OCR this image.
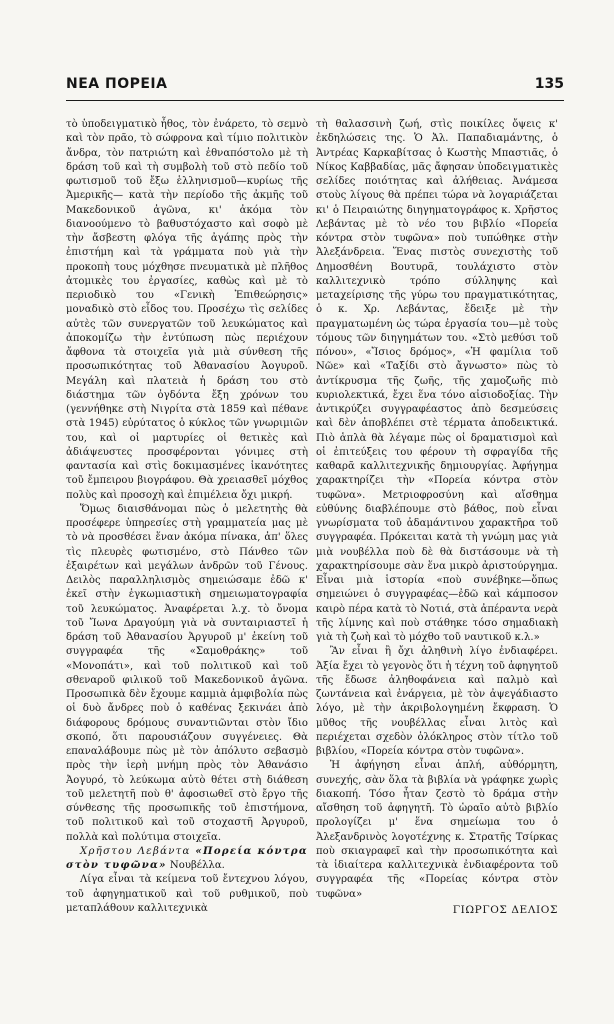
ΝΕΑ ΠΟΡΕΙΑ	135

τὸ ὑποδειγματικὸ ἦθος, τὸν ἐνάρετο, τὸ σεμνὸ καὶ τὸν πρᾶο, τὸ σώφρονα καὶ τίμιο πολιτικὸν ἄνδρα, τὸν πατριώτη καὶ ἐθναπόστολο μὲ τὴ δράση τοῦ καὶ τὴ συμβολὴ τοῦ στὸ πεδίο τοῦ φωτισμοῦ τοῦ ἔξω ἑλληνισμοῦ—κυρίως τῆς Ἀμερικῆς— κατὰ τὴν περίοδο τῆς ἀκμῆς τοῦ Μακεδονικοῦ ἀγῶνα, κι' ἀκόμα τὸν διανοούμενο τὸ βαθυστόχαστο καὶ σοφὸ μὲ τὴν ἄσβεστη φλόγα τῆς ἀγάπης πρὸς τὴν ἐπιστήμη καὶ τὰ γράμματα ποὺ γιὰ τὴν προκοπὴ τους μόχθησε πνευματικὰ μὲ πλῆθος ἀτομικὲς του ἐργασίες, καθὼς καὶ μὲ τὸ περιοδικὸ του «Γενικὴ Ἐπιθεώρησις» μοναδικὸ στὸ εἶδος του. Προσέχω τὶς σελίδες αὐτὲς τῶν συνεργατῶν τοῦ λευκώματος καὶ ἀποκομίζω τὴν ἐντύπωση πὼς περιέχουν ἄφθονα τὰ στοιχεῖα γιὰ μιὰ σύνθεση τῆς προσωπικότητας τοῦ Ἀθανασίου Ἀογυροῦ. Μεγάλη καὶ πλατειὰ ἡ δράση του στὸ διάστημα τῶν ὀγδόντα ἔξη χρόνων του (γεννήθηκε στὴ Νιγρίτα στὰ 1859 καὶ πέθανε στὰ 1945) εὐρύτατος ὁ κύκλος τῶν γνωριμιῶν του, καὶ οἱ μαρτυρίες οἱ θετικὲς καὶ ἀδιάψευστες προσφέρονται γόνιμες στὴ φαντασία καὶ στὶς δοκιμασμένες ἱκανότητες τοῦ ἔμπειρου βιογράφου. Θὰ χρειασθεῖ μόχθος πολὺς καὶ προσοχὴ καὶ ἐπιμέλεια ὄχι μικρή.

Ὅμως διαισθάνομαι πὼς ὁ μελετητὴς θὰ προσέφερε ὑπηρεσίες στὴ γραμματεία μας μὲ τὸ νὰ προσθέσει ἕναν ἀκόμα πίνακα, ἀπ' ὅλες τὶς πλευρὲς φωτισμένο, στὸ Πάνθεο τῶν ἐξαιρέτων καὶ μεγάλων ἀνδρῶν τοῦ Γένους. Δειλὸς παραλληλισμὸς σημειώσαμε ἐδῶ κ' ἐκεῖ στὴν ἐγκωμιαστικὴ σημειωματογραφία τοῦ λευκώματος. Ἀναφέρεται λ.χ. τὸ ὄνομα τοῦ Ἴωνα Δραγούμη γιὰ νὰ συνταιριαστεῖ ἡ δράση τοῦ Ἀθανασίου Ἀργυροῦ μ' ἐκείνη τοῦ συγγραφέα τῆς «Σαμοθράκης» τοῦ «Μονοπάτι», καὶ τοῦ πολιτικοῦ καὶ τοῦ σθεναροῦ φιλικοῦ τοῦ Μακεδονικοῦ ἀγῶνα. Προσωπικὰ δὲν ἔχουμε καμμιὰ ἀμφιβολία πὼς οἱ δυὸ ἄνδρες ποὺ ὁ καθένας ξεκινάει ἀπὸ διάφορους δρόμους συναντιῶνται στὸν ἴδιο σκοπό, ὅτι παρουσιάζουν συγγένειες. Θὰ επαναλάβουμε πὼς μὲ τὸν ἀπόλυτο σεβασμὸ πρὸς τὴν ἱερὴ μνήμη πρὸς τὸν Ἀθανάσιο Ἀογυρό, τὸ λεύκωμα αὐτὸ θέτει στὴ διάθεση τοῦ μελετητῆ ποὺ θ' ἀφοσιωθεῖ στὸ ἔργο τῆς σύνθεσης τῆς προσωπικῆς τοῦ ἐπιστήμονα, τοῦ πολιτικοῦ καὶ τοῦ στοχαστῆ Ἀργυροῦ, πολλὰ καὶ πολύτιμα στοιχεῖα.

Χρῆστου Λεβάντα «Πορεία κόντρα στὸν τυφῶνα» Νουβέλλα.

Λίγα εἶναι τὰ κείμενα τοῦ ἔντεχνου λόγου, τοῦ ἀφηγηματικοῦ καὶ τοῦ ρυθμικοῦ, ποὺ μεταπλάθουν καλλιτεχνικὰ

τὴ θαλασσινὴ ζωή, στὶς ποικίλες ὄψεις κ' ἐκδηλώσεις της. Ὁ Ἀλ. Παπαδιαμάντης, ὁ Ἀντρέας Καρκαβίτσας ὁ Κωστὴς Μπαστιᾶς, ὁ Νίκος Καββαδίας, μᾶς ἄφησαν ὑποδειγματικὲς σελίδες ποιότητας καὶ ἀλήθειας. Ἀνάμεσα στοὺς λίγους θὰ πρέπει τώρα νὰ λογαριάζεται κι' ὁ Πειραιώτης διηγηματογράφος κ. Χρῆστος Λεβάντας μὲ τὸ νέο του βιβλίο «Πορεία κόντρα στὸν τυφῶνα» ποὺ τυπώθηκε στὴν Ἀλεξάνδρεια. Ἕνας πιστὸς συνεχιστὴς τοῦ Δημοσθένη Βουτυρᾶ, τουλάχιστο στὸν καλλιτεχνικὸ τρόπο σύλληψης καὶ μεταχείρισης τῆς γύρω του πραγματικότητας, ὁ κ. Χρ. Λεβάντας, ἔδειξε μὲ τὴν πραγματωμένη ὡς τώρα ἐργασία του—μὲ τοὺς τόμους τῶν διηγημάτων του. «Στὸ μεθύσι τοῦ πόνου», «Ἴσιος δρόμος», «Ἡ φαμίλια τοῦ Νῶε» καὶ «Ταξίδι στὸ ἄγνωστο» πὼς τὸ ἀντίκρυσμα τῆς ζωῆς, τῆς χαμοζωῆς πιὸ κυριολεκτικά, ἔχει ἕνα τόνο αἰσιοδοξίας. Τὴν ἀντικρύζει συγγραφέαστος ἀπὸ δεσμεύσεις καὶ δὲν ἀποβλέπει στὲ τέρματα ἀποδεικτικά. Πιὸ ἁπλὰ θὰ λέγαμε πὼς οἱ δραματισμοὶ καὶ οἱ ἐπιτεύξεις του φέρουν τὴ σφραγίδα τῆς καθαρᾶ καλλιτεχνικῆς δημιουργίας. Ἀφήγημα χαρακτηρίζει τὴν «Πορεία κόντρα στὸν τυφῶνα». Μετριοφροσύνη καὶ αἴσθημα εὐθύνης διαβλέπουμε στὸ βάθος, ποὺ εἶναι γνωρίσματα τοῦ ἀδαμάντινου χαρακτῆρα τοῦ συγγραφέα. Πρόκειται κατὰ τὴ γνώμη μας γιὰ μιὰ νουβέλλα ποὺ δὲ θὰ διστάσουμε νὰ τὴ χαρακτηρίσουμε σὰν ἕνα μικρὸ ἀριστούργημα. Εἶναι μιὰ ἱστορία «ποὺ συνέβηκε—ὅπως σημειώνει ὁ συγγραφέας—ἐδῶ καὶ κάμποσον καιρὸ πέρα κατὰ τὸ Νοτιά, στὰ ἀπέραντα νερὰ τῆς λίμνης καὶ ποὺ στάθηκε τόσο σημαδιακὴ γιὰ τὴ ζωὴ καὶ τὸ μόχθο τοῦ ναυτικοῦ κ.λ.»

Ἂν εἶναι ἢ ὄχι ἀληθινὴ λίγο ἐνδιαφέρει. Ἀξία ἔχει τὸ γεγονὸς ὅτι ἡ τέχνη τοῦ ἀφηγητοῦ τῆς ἔδωσε ἀληθοφάνεια καὶ παλμὸ καὶ ζωντάνεια καὶ ἐνάργεια, μὲ τὸν ἀψεγάδιαστο λόγο, μὲ τὴν ἀκριβολογημένη ἔκφραση. Ὁ μῦθος τῆς νουβέλλας εἶναι λιτὸς καὶ περιέχεται σχεδὸν ὁλόκληρος στὸν τίτλο τοῦ βιβλίου, «Πορεία κόντρα στὸν τυφῶνα».

Ἡ ἀφήγηση εἶναι ἁπλή, αὐθόρμητη, συνεχής, σὰν ὅλα τὰ βιβλία νὰ γράφηκε χωρὶς διακοπή. Τόσο ἦταν ζεστὸ τὸ δράμα στὴν αἴσθηση τοῦ ἀφηγητῆ. Τὸ ὡραῖο αὐτὸ βιβλίο προλογίζει μ' ἕνα σημείωμα του ὁ Ἀλεξανδρινὸς λογοτέχνης κ. Στρατῆς Τσίρκας ποὺ σκιαγραφεῖ καὶ τὴν προσωπικότητα καὶ τὰ ἰδιαίτερα καλλιτεχνικὰ ἐνδιαφέροντα τοῦ συγγραφέα τῆς «Πορείας κόντρα στὸν τυφῶνα»

ΓΙΩΡΓΟΣ ΔΕΛΙΟΣ
